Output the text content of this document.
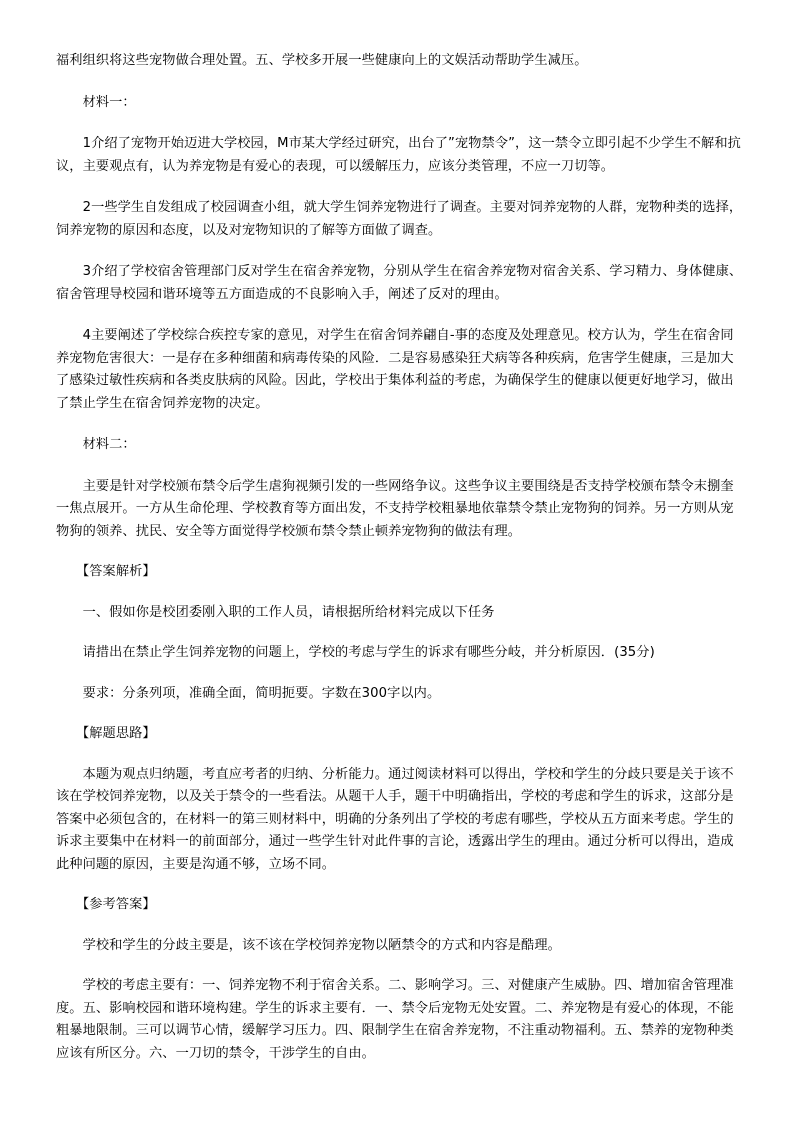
福利组织将这些宠物做合理处置。五、学校多开展一些健康向上的文娱活动帮助学生减压。

　　材料一：

　　1介绍了宠物开始迈进大学校园，M市某大学经过研究，出台了”宠物禁令”，这一禁令立即引起不少学生不解和抗议，主要观点有，认为养宠物是有爱心的表现，可以缓解压力，应该分类管理，不应一刀切等。

　　2一些学生自发组成了校园调查小组，就大学生饲养宠物进行了调查。主要对饲养宠物的人群，宠物种类的选择，饲养宠物的原因和态度，以及对宠物知识的了解等方面做了调查。

　　3介绍了学校宿舍管理部门反对学生在宿舍养宠物，分别从学生在宿舍养宠物对宿舍关系、学习精力、身体健康、宿舍管理导校园和谐环境等五方面造成的不良影响入手，阐述了反对的理由。

　　4主要阐述了学校综合疾控专家的意见，对学生在宿舍饲养翩自-事的态度及处理意见。校方认为，学生在宿舍同养宠物危害很大：一是存在多种细菌和病毒传染的风险．二是容易感染狂犬病等各种疾病，危害学生健康，三是加大了感染过敏性疾病和各类皮肤病的风险。因此，学校出于集体利益的考虑，为确保学生的健康以便更好地学习，做出了禁止学生在宿舍饲养宠物的决定。

　　材料二：

　　主要是针对学校颁布禁令后学生虐狗视频引发的一些网络争议。这些争议主要围绕是否支持学校颁布禁令末捌奎一焦点展开。一方从生命伦理、学校教育等方面出发，不支持学校粗暴地依靠禁令禁止宠物狗的饲养。另一方则从宠物狗的领养、扰民、安全等方面觉得学校颁布禁令禁止顿养宠物狗的做法有理。

　　【答案解析】

　　一、假如你是校团委刚入职的工作人员，请根据所给材料完成以下任务

　　请措出在禁止学生饲养宠物的问题上，学校的考虑与学生的诉求有哪些分岐，并分析原因．(35分)

　　要求：分条列项，准确全面，简明扼要。字数在300字以内。

　　【解题思路】

　　本题为观点归纳题，考直应考者的归纳、分析能力。通过阅读材料可以得出，学校和学生的分歧只要是关于该不该在学校饲养宠物，以及关于禁令的一些看法。从题干人手，题干中明确指出，学校的考虑和学生的诉求，这部分是答案中必须包含的，在材料一的第三则材料中，明确的分条列出了学校的考虑有哪些，学校从五方面来考虑。学生的诉求主要集中在材料一的前面部分，通过一些学生针对此件事的言论，透露出学生的理由。通过分析可以得出，造成此种问题的原因，主要是沟通不够，立场不同。

　　【参考答案】

　　学校和学生的分歧主要是，该不该在学校饲养宠物以陋禁令的方式和内容是酷理。

　　学校的考虑主要有：一、饲养宠物不利于宿舍关系。二、影响学习。三、对健康产生威胁。四、增加宿舍管理准度。五、影响校园和谐环境构建。学生的诉求主要有．一、禁令后宠物无处安置。二、养宠物是有爱心的体现，不能粗暴地限制。三可以调节心情，缓解学习压力。四、限制学生在宿舍养宠物，不注重动物福利。五、禁养的宠物种类应该有所区分。六、一刀切的禁令，干涉学生的自由。
